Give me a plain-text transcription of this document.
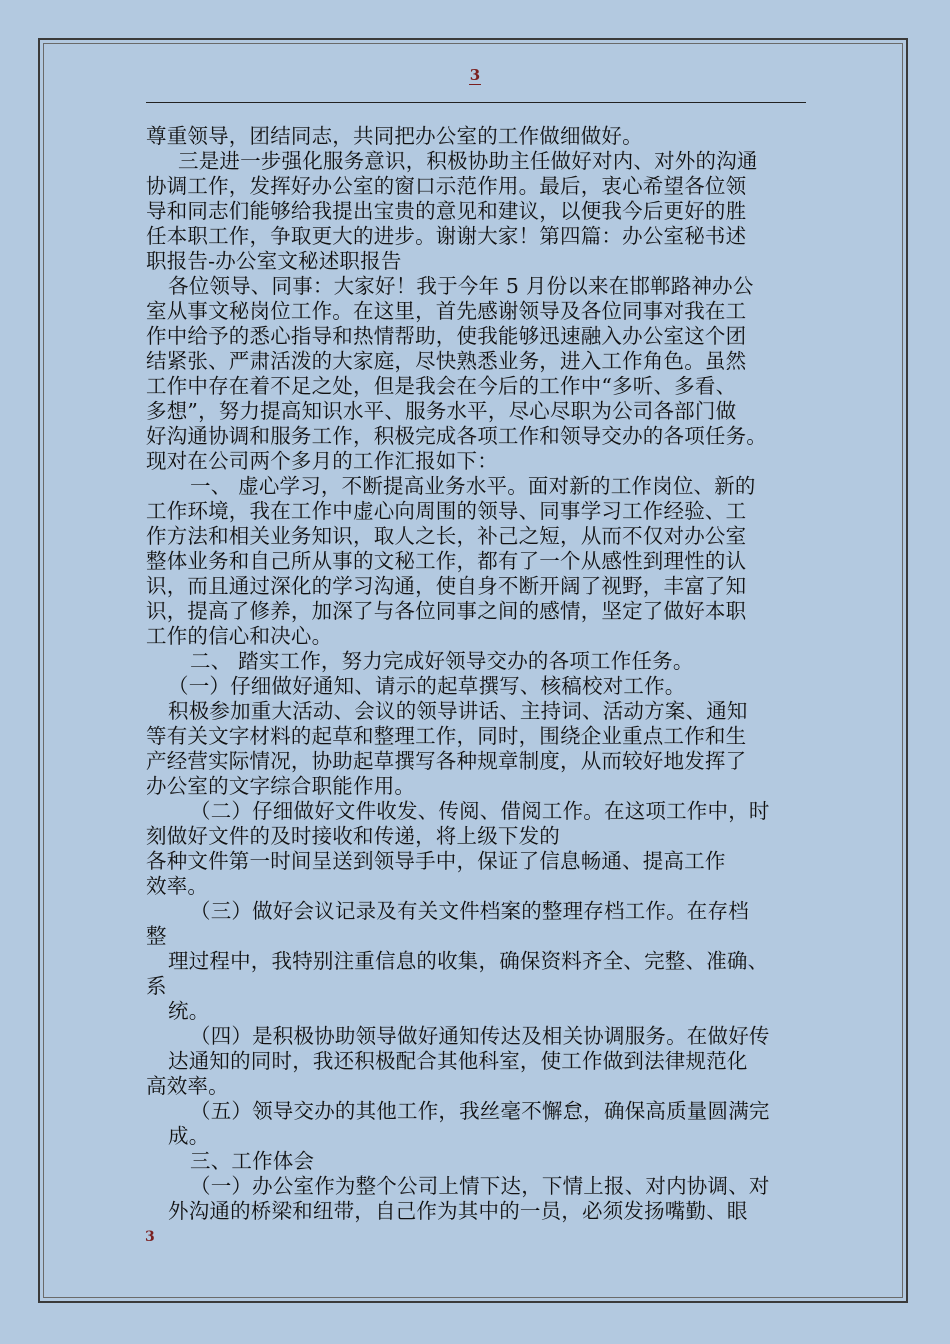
3

尊重领导，团结同志，共同把办公室的工作做细做好。

三是进一步强化服务意识，积极协助主任做好对内、对外的沟通

协调工作，发挥好办公室的窗口示范作用。最后，衷心希望各位领

导和同志们能够给我提出宝贵的意见和建议，以便我今后更好的胜

任本职工作，争取更大的进步。谢谢大家！第四篇：办公室秘书述

职报告-办公室文秘述职报告

各位领导、同事：大家好！我于今年 5 月份以来在邯郸路神办公

室从事文秘岗位工作。在这里，首先感谢领导及各位同事对我在工

作中给予的悉心指导和热情帮助，使我能够迅速融入办公室这个团

结紧张、严肃活泼的大家庭，尽快熟悉业务，进入工作角色。虽然

工作中存在着不足之处，但是我会在今后的工作中“多听、多看、

多想”，努力提高知识水平、服务水平，尽心尽职为公司各部门做

好沟通协调和服务工作，积极完成各项工作和领导交办的各项任务。

现对在公司两个多月的工作汇报如下：

一、 虚心学习，不断提高业务水平。面对新的工作岗位、新的

工作环境，我在工作中虚心向周围的领导、同事学习工作经验、工

作方法和相关业务知识，取人之长，补己之短，从而不仅对办公室

整体业务和自己所从事的文秘工作，都有了一个从感性到理性的认

识，而且通过深化的学习沟通，使自身不断开阔了视野，丰富了知

识，提高了修养，加深了与各位同事之间的感情，坚定了做好本职

工作的信心和决心。

二、 踏实工作，努力完成好领导交办的各项工作任务。

（一）仔细做好通知、请示的起草撰写、核稿校对工作。

积极参加重大活动、会议的领导讲话、主持词、活动方案、通知

等有关文字材料的起草和整理工作，同时，围绕企业重点工作和生

产经营实际情况，协助起草撰写各种规章制度，从而较好地发挥了

办公室的文字综合职能作用。

（二）仔细做好文件收发、传阅、借阅工作。在这项工作中，时

刻做好文件的及时接收和传递，将上级下发的

各种文件第一时间呈送到领导手中，保证了信息畅通、提高工作

效率。

（三）做好会议记录及有关文件档案的整理存档工作。在存档

整

理过程中，我特别注重信息的收集，确保资料齐全、完整、准确、

系

统。

（四）是积极协助领导做好通知传达及相关协调服务。在做好传

达通知的同时，我还积极配合其他科室，使工作做到法律规范化

高效率。

（五）领导交办的其他工作，我丝毫不懈怠，确保高质量圆满完

成。

三、工作体会

（一）办公室作为整个公司上情下达，下情上报、对内协调、对

外沟通的桥梁和纽带，自己作为其中的一员，必须发扬嘴勤、眼

3
